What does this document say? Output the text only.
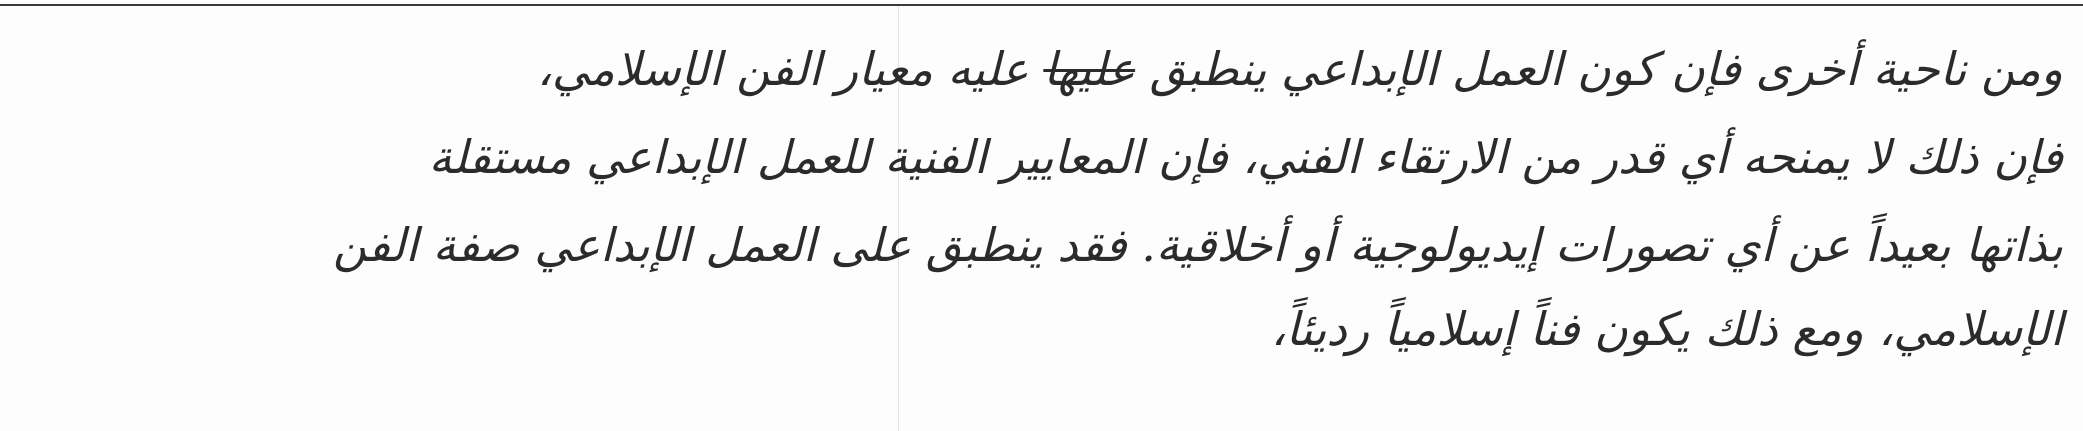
ومن ناحية أخرى فإن كون العمل الإبداعي ينطبق عليها عليه معيار الفن الإسلامي،
فإن ذلك لا يمنحه أي قدر من الارتقاء الفني، فإن المعايير الفنية للعمل الإبداعي مستقلة
بذاتها بعيداً عن أي تصورات إيديولوجية أو أخلاقية. فقد ينطبق على العمل الإبداعي صفة الفن
الإسلامي، ومع ذلك يكون فناً إسلامياً رديئاً،
